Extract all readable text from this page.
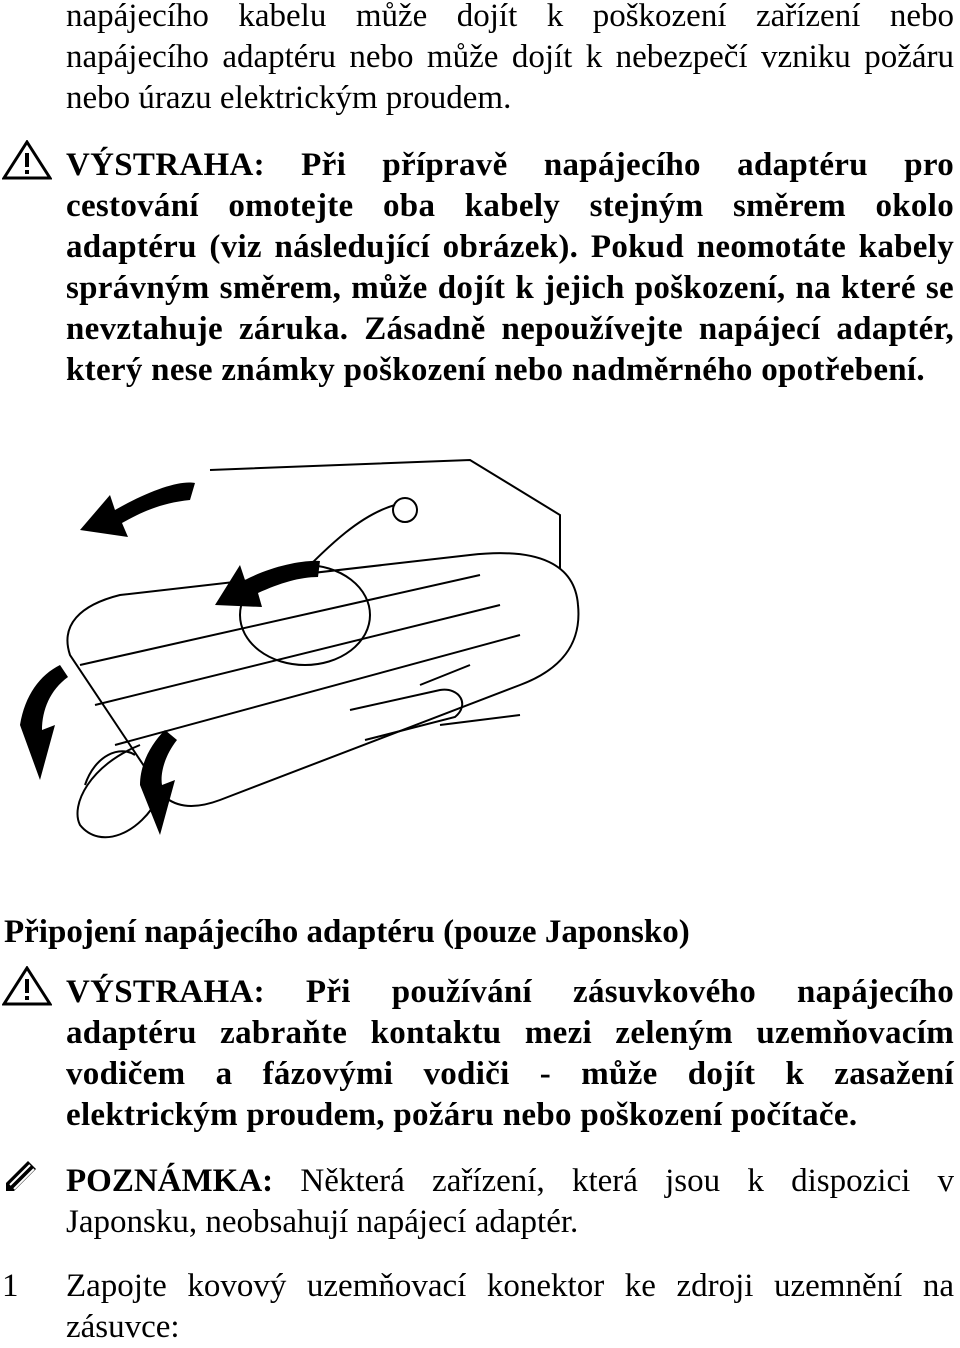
napájecího kabelu může dojít k poškození zařízení nebo napájecího adaptéru nebo může dojít k nebezpečí vzniku požáru nebo úrazu elektrickým proudem.
VÝSTRAHA: Při přípravě napájecího adaptéru pro cestování omotejte oba kabely stejným směrem okolo adaptéru (viz následující obrázek). Pokud neomotáte kabely správným směrem, může dojít k jejich poškození, na které se nevztahuje záruka. Zásadně nepoužívejte napájecí adaptér, který nese známky poškození nebo nadměrného opotřebení.
Připojení napájecího adaptéru (pouze Japonsko)
VÝSTRAHA: Při používání zásuvkového napájecího adaptéru zabraňte kontaktu mezi zeleným uzemňovacím vodičem a fázovými vodiči - může dojít k zasažení elektrickým proudem, požáru nebo poškození počítače.
POZNÁMKA: Některá zařízení, která jsou k dispozici v Japonsku, neobsahují napájecí adaptér.
1 Zapojte kovový uzemňovací konektor ke zdroji uzemnění na zásuvce:
